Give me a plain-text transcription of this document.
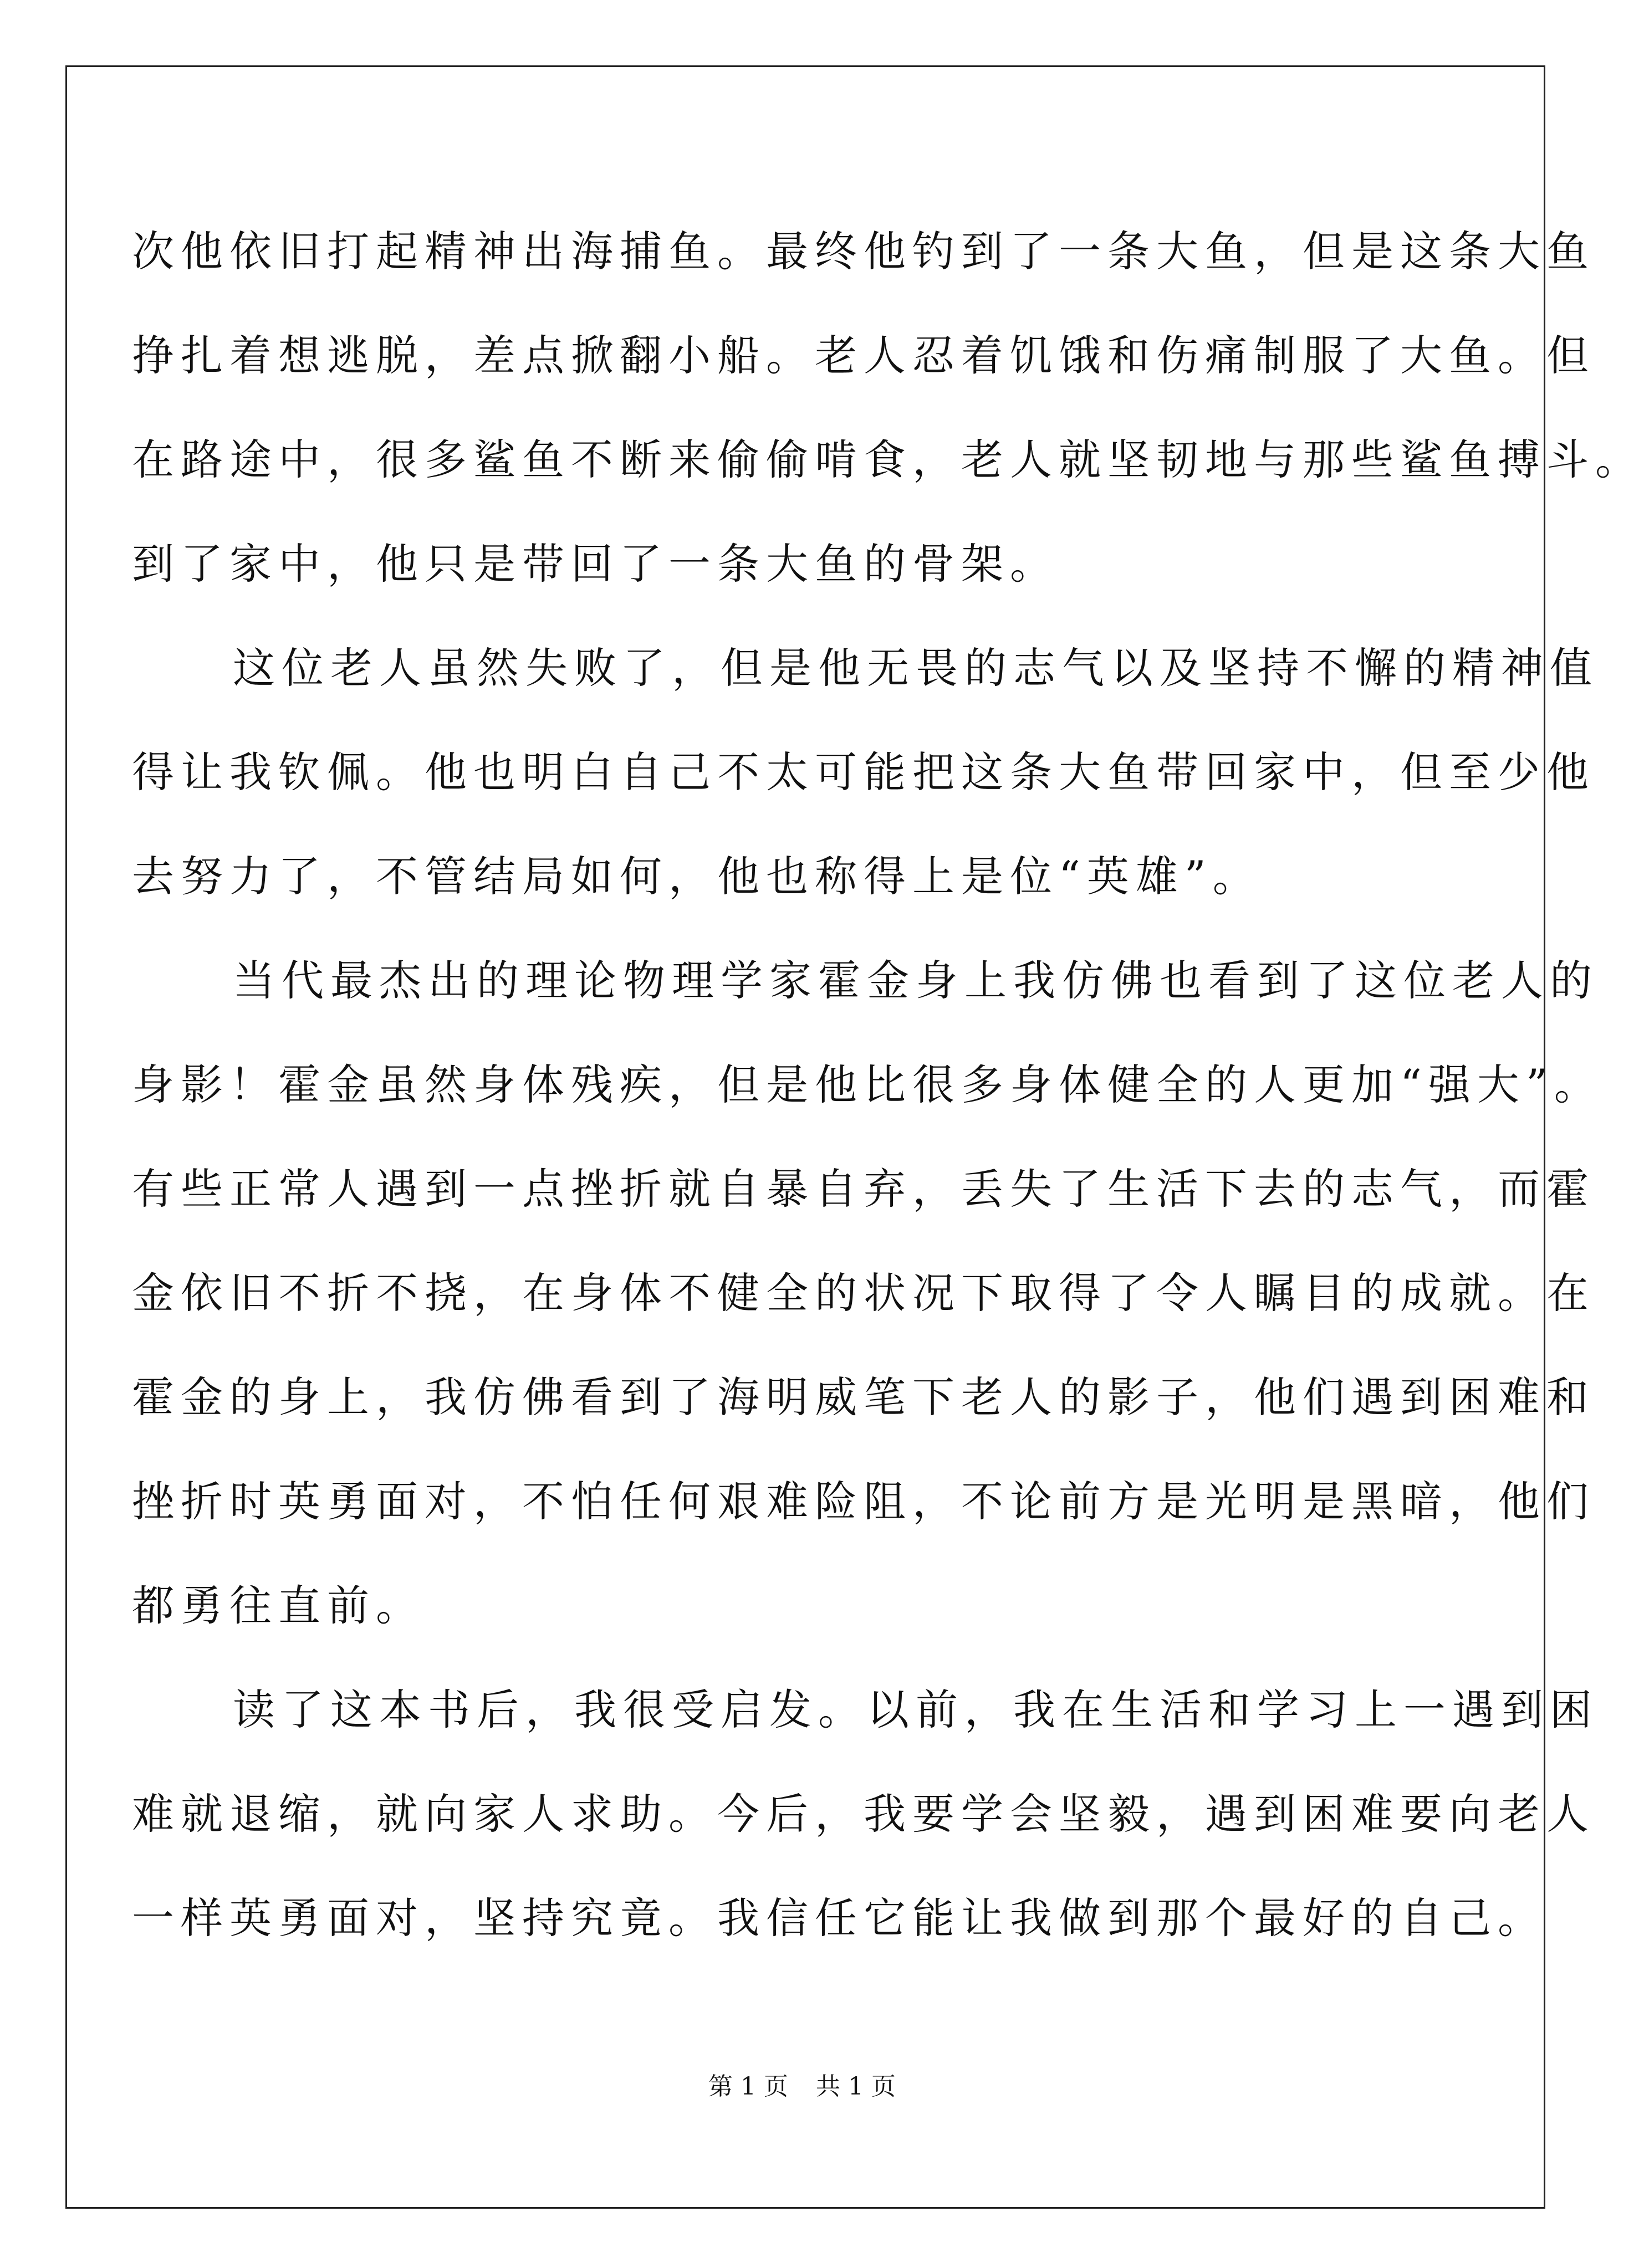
次他依旧打起精神出海捕鱼。最终他钓到了一条大鱼，但是这条大鱼
挣扎着想逃脱，差点掀翻小船。老人忍着饥饿和伤痛制服了大鱼。但
在路途中，很多鲨鱼不断来偷偷啃食，老人就坚韧地与那些鲨鱼搏斗。
到了家中，他只是带回了一条大鱼的骨架。
这位老人虽然失败了，但是他无畏的志气以及坚持不懈的精神值
得让我钦佩。他也明白自己不太可能把这条大鱼带回家中，但至少他
去努力了，不管结局如何，他也称得上是位“英雄”。
当代最杰出的理论物理学家霍金身上我仿佛也看到了这位老人的
身影！霍金虽然身体残疾，但是他比很多身体健全的人更加“强大”。
有些正常人遇到一点挫折就自暴自弃，丢失了生活下去的志气，而霍
金依旧不折不挠，在身体不健全的状况下取得了令人瞩目的成就。在
霍金的身上，我仿佛看到了海明威笔下老人的影子，他们遇到困难和
挫折时英勇面对，不怕任何艰难险阻，不论前方是光明是黑暗，他们
都勇往直前。
读了这本书后，我很受启发。以前，我在生活和学习上一遇到困
难就退缩，就向家人求助。今后，我要学会坚毅，遇到困难要向老人
一样英勇面对，坚持究竟。我信任它能让我做到那个最好的自己。
第 1 页 共 1 页
